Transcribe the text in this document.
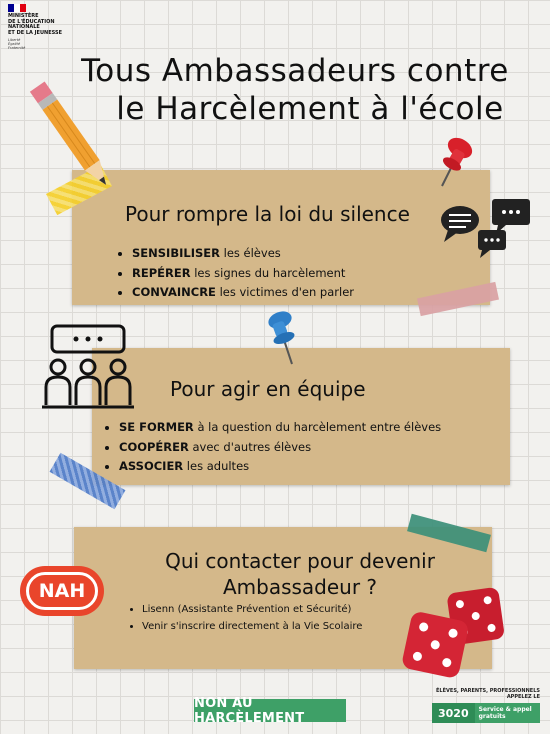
MINISTÈRE
DE L'ÉDUCATION
NATIONALE
ET DE LA JEUNESSE
Liberté
Égalité
Fraternité
Tous Ambassadeurs contre
le Harcèlement à l'école
Pour rompre la loi du silence
• SENSIBILISER les élèves
• REPÉRER les signes du harcèlement
• CONVAINCRE les victimes d'en parler
Pour agir en équipe
• SE FORMER à la question du harcèlement entre élèves
• COOPÉRER avec d'autres élèves
• ASSOCIER les adultes
Qui contacter pour devenir
Ambassadeur ?
• Lisenn (Assistante Prévention et Sécurité)
• Venir s'inscrire directement à la Vie Scolaire
NAH
NON AU HARCÈLEMENT
ÉLÈVES, PARENTS, PROFESSIONNELS
APPELEZ LE
3020	Service & appel
gratuits
